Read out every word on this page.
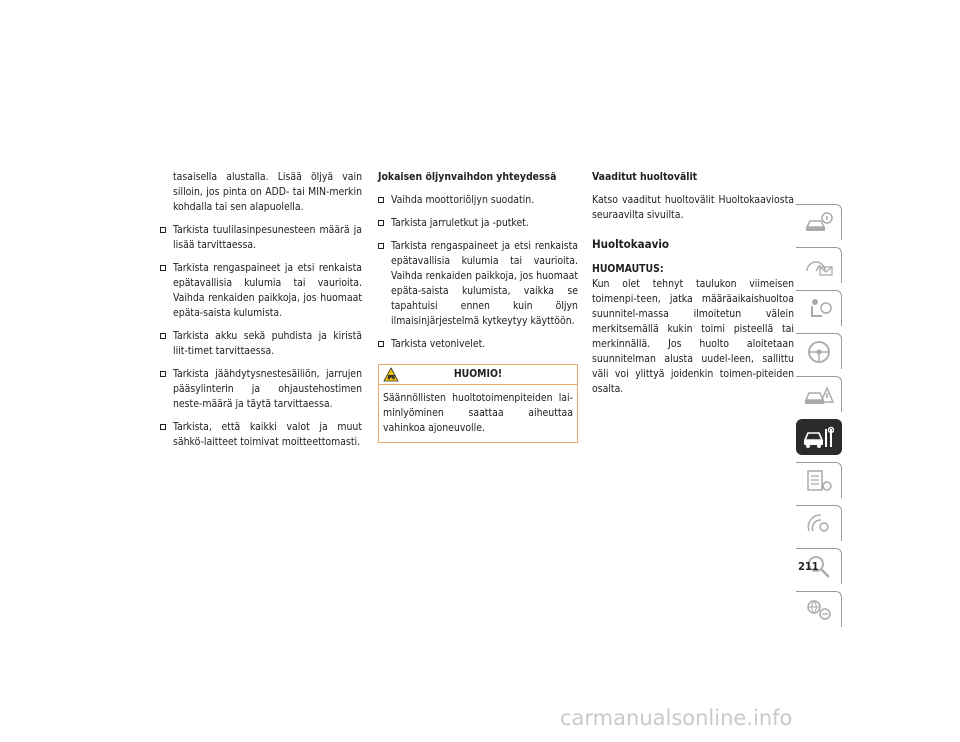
tasaisella alustalla. Lisää öljyä vain silloin, jos pinta on ADD- tai MIN-merkin kohdalla tai sen alapuolella.

Tarkista tuulilasinpesunesteen määrä ja lisää tarvittaessa.
Tarkista rengaspaineet ja etsi renkaista epätavallisia kulumia tai vaurioita. Vaihda renkaiden paikkoja, jos huomaat epäta-saista kulumista.
Tarkista akku sekä puhdista ja kiristä liit-timet tarvittaessa.
Tarkista jäähdytysnestesäiliön, jarrujen pääsylinterin ja ohjaustehostimen neste-määrä ja täytä tarvittaessa.
Tarkista, että kaikki valot ja muut sähkö-laitteet toimivat moitteettomasti.

Jokaisen öljynvaihdon yhteydessä

Vaihda moottoriöljyn suodatin.
Tarkista jarruletkut ja -putket.
Tarkista rengaspaineet ja etsi renkaista epätavallisia kulumia tai vaurioita. Vaihda renkaiden paikkoja, jos huomaat epäta-saista kulumista, vaikka se tapahtuisi ennen kuin öljyn ilmaisinjärjestelmä kytkeytyy käyttöön.
Tarkista vetonivelet.
HUOMIO!
Säännöllisten huoltotoimenpiteiden lai-minlyöminen saattaa aiheuttaa vahinkoa ajoneuvolle.

Vaaditut huoltovälit

Katso vaaditut huoltovälit Huoltokaaviosta seuraavilta sivuilta.

Huoltokaavio

HUOMAUTUS:

Kun olet tehnyt taulukon viimeisen toimenpi-teen, jatka määräaikaishuoltoa suunnitel-massa ilmoitetun välein merkitsemällä kukin toimi pisteellä tai merkinnällä. Jos huolto aloitetaan suunnitelman alusta uudel-leen, sallittu väli voi ylittyä joidenkin toimen-piteiden osalta.

211
carmanualsonline.info
